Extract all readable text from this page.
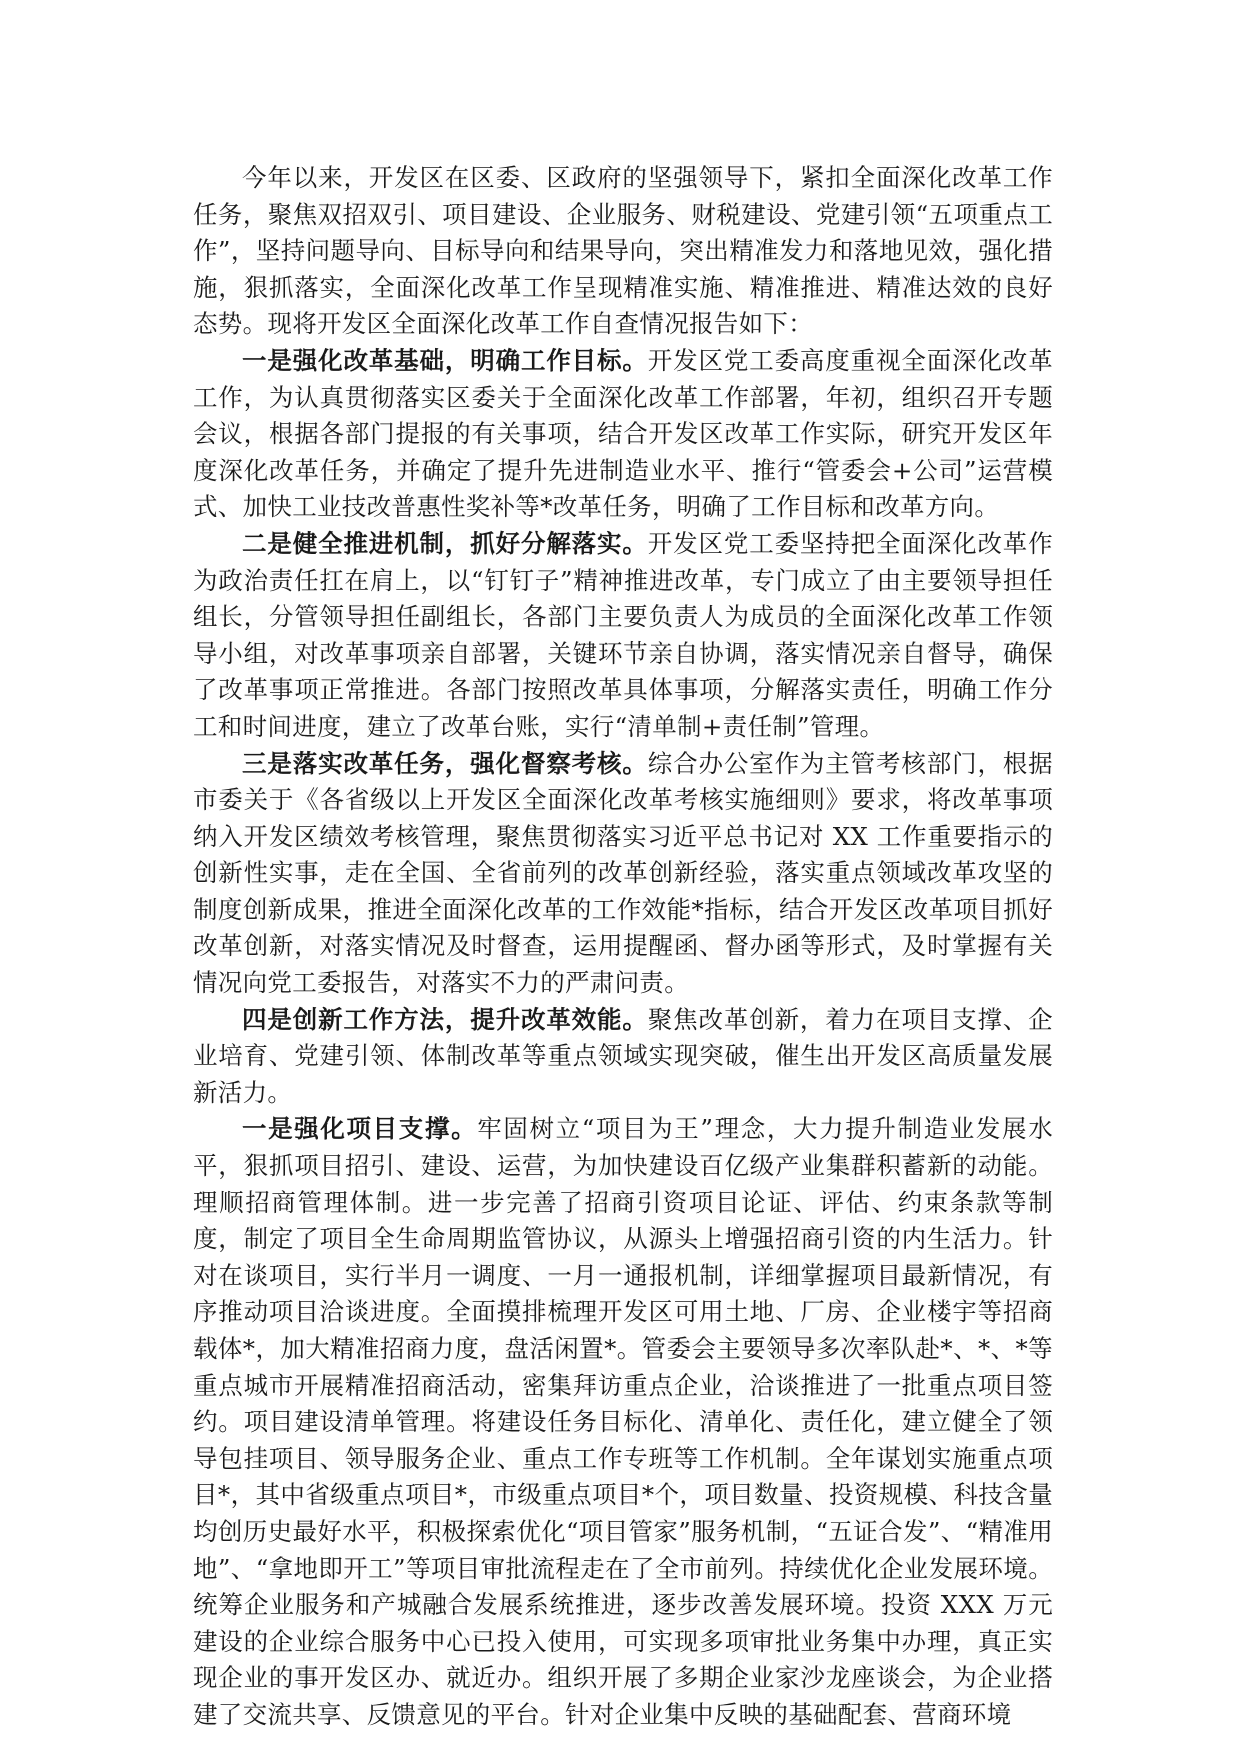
今年以来，开发区在区委、区政府的坚强领导下，紧扣全面深化改革工作任务，聚焦双招双引、项目建设、企业服务、财税建设、党建引领“五项重点工作”，坚持问题导向、目标导向和结果导向，突出精准发力和落地见效，强化措施，狠抓落实，全面深化改革工作呈现精准实施、精准推进、精准达效的良好态势。现将开发区全面深化改革工作自查情况报告如下：

一是强化改革基础，明确工作目标。开发区党工委高度重视全面深化改革工作，为认真贯彻落实区委关于全面深化改革工作部署，年初，组织召开专题会议，根据各部门提报的有关事项，结合开发区改革工作实际，研究开发区年度深化改革任务，并确定了提升先进制造业水平、推行“管委会+公司”运营模式、加快工业技改普惠性奖补等*改革任务，明确了工作目标和改革方向。

二是健全推进机制，抓好分解落实。开发区党工委坚持把全面深化改革作为政治责任扛在肩上，以“钉钉子”精神推进改革，专门成立了由主要领导担任组长，分管领导担任副组长，各部门主要负责人为成员的全面深化改革工作领导小组，对改革事项亲自部署，关键环节亲自协调，落实情况亲自督导，确保了改革事项正常推进。各部门按照改革具体事项，分解落实责任，明确工作分工和时间进度，建立了改革台账，实行“清单制+责任制”管理。

三是落实改革任务，强化督察考核。综合办公室作为主管考核部门，根据市委关于《各省级以上开发区全面深化改革考核实施细则》要求，将改革事项纳入开发区绩效考核管理，聚焦贯彻落实习近平总书记对 XX 工作重要指示的创新性实事，走在全国、全省前列的改革创新经验，落实重点领域改革攻坚的制度创新成果，推进全面深化改革的工作效能*指标，结合开发区改革项目抓好改革创新，对落实情况及时督查，运用提醒函、督办函等形式，及时掌握有关情况向党工委报告，对落实不力的严肃问责。

四是创新工作方法，提升改革效能。聚焦改革创新，着力在项目支撑、企业培育、党建引领、体制改革等重点领域实现突破，催生出开发区高质量发展新活力。

一是强化项目支撑。牢固树立“项目为王”理念，大力提升制造业发展水平，狠抓项目招引、建设、运营，为加快建设百亿级产业集群积蓄新的动能。理顺招商管理体制。进一步完善了招商引资项目论证、评估、约束条款等制度，制定了项目全生命周期监管协议，从源头上增强招商引资的内生活力。针对在谈项目，实行半月一调度、一月一通报机制，详细掌握项目最新情况，有序推动项目洽谈进度。全面摸排梳理开发区可用土地、厂房、企业楼宇等招商载体*，加大精准招商力度，盘活闲置*。管委会主要领导多次率队赴*、*、*等重点城市开展精准招商活动，密集拜访重点企业，洽谈推进了一批重点项目签约。项目建设清单管理。将建设任务目标化、清单化、责任化，建立健全了领导包挂项目、领导服务企业、重点工作专班等工作机制。全年谋划实施重点项目*，其中省级重点项目*，市级重点项目*个，项目数量、投资规模、科技含量均创历史最好水平，积极探索优化“项目管家”服务机制，“五证合发”、“精准用地”、“拿地即开工”等项目审批流程走在了全市前列。持续优化企业发展环境。统筹企业服务和产城融合发展系统推进，逐步改善发展环境。投资 XXX 万元建设的企业综合服务中心已投入使用，可实现多项审批业务集中办理，真正实现企业的事开发区办、就近办。组织开展了多期企业家沙龙座谈会，为企业搭建了交流共享、反馈意见的平台。针对企业集中反映的基础配套、营商环境
